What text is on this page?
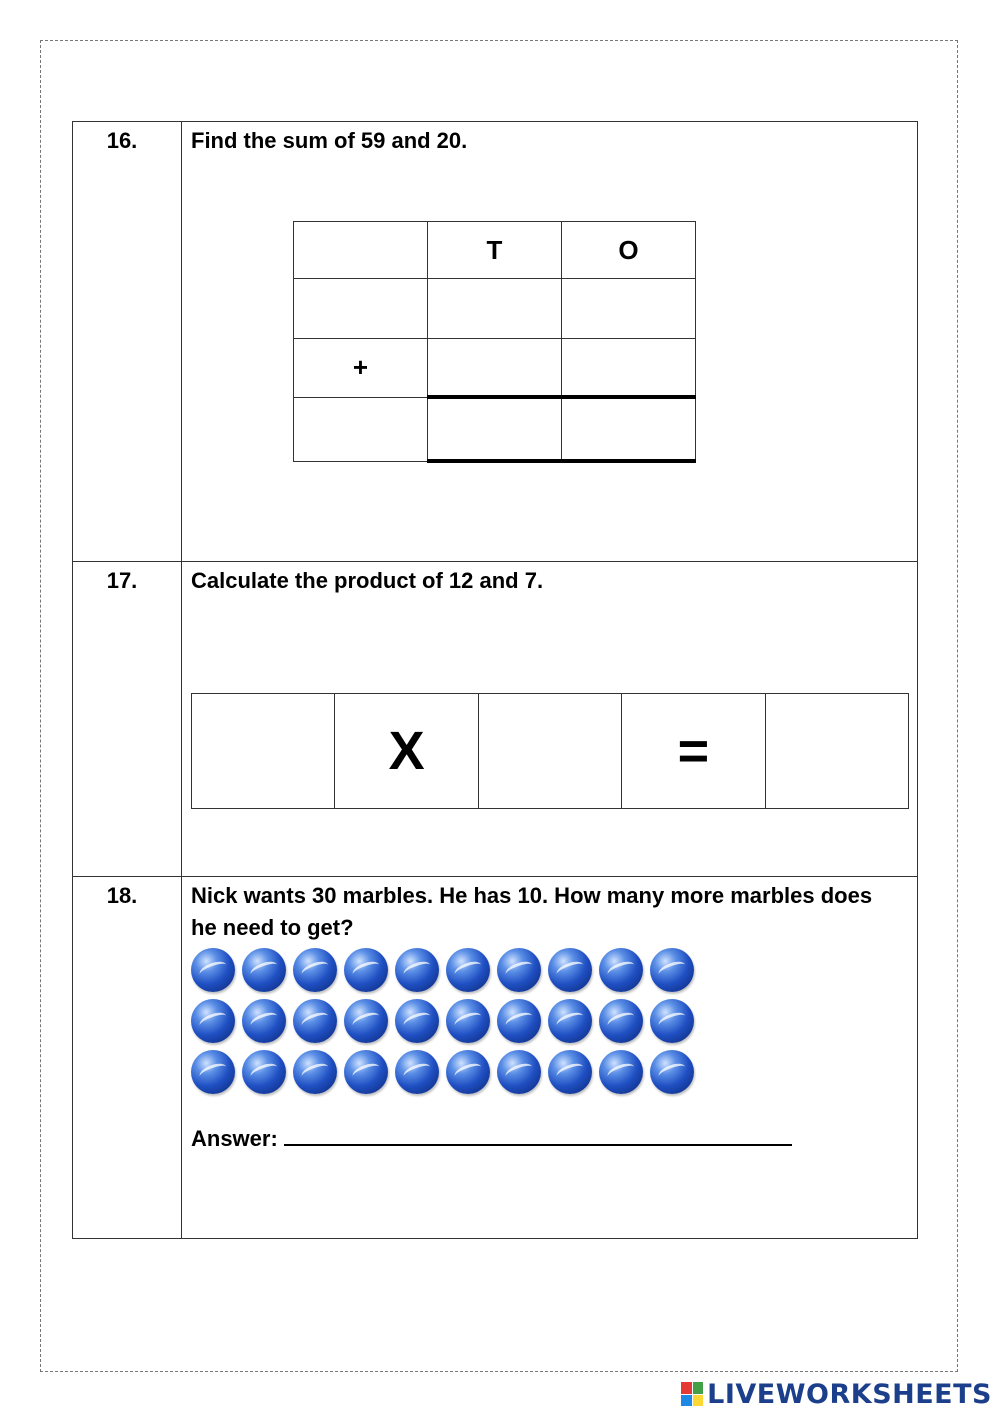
16.	Find the sum of 59 and 20.

	T	O

+		

17.	Calculate the product of 12 and 7.

	X		=	

18.	Nick wants 30 marbles. He has 10. How many more marbles does he need to get?

Answer:
LIVEWORKSHEETS
